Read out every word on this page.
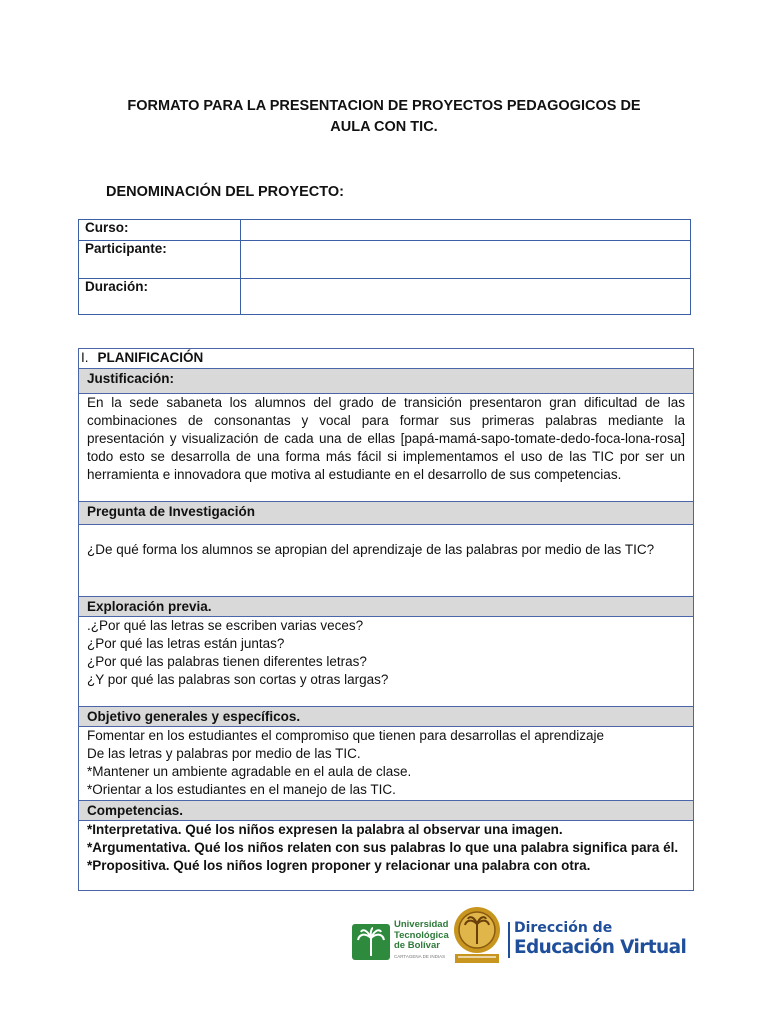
FORMATO PARA LA PRESENTACION DE PROYECTOS PEDAGOGICOS DE
AULA CON TIC.
DENOMINACIÓN DEL PROYECTO:
Curso:	
Participante:	
Duración:	
I. PLANIFICACIÓN
Justificación:
En la sede sabaneta los alumnos del grado de transición presentaron gran dificultad de las combinaciones de consonantas y vocal para formar sus primeras palabras mediante la presentación y visualización de cada una de ellas [papá-mamá-sapo-tomate-dedo-foca-lona-rosa] todo esto se desarrolla de una forma más fácil si implementamos el uso de las TIC por ser un herramienta e innovadora que motiva al estudiante en el desarrollo de sus competencias.
Pregunta de Investigación
¿De qué forma los alumnos se apropian del aprendizaje de las palabras por medio de las TIC?
Exploración previa.

.¿Por qué las letras se escriben varias veces?

¿Por qué las letras están juntas?

¿Por qué las palabras tienen diferentes letras?

¿Y por qué las palabras son cortas y otras largas?

Objetivo generales y específicos.

Fomentar en los estudiantes el compromiso que tienen para desarrollas el aprendizaje

De las letras y palabras por medio de las TIC.

*Mantener un ambiente agradable en el aula de clase.

*Orientar a los estudiantes en el manejo de las TIC.

Competencias.

*Interpretativa. Qué los niños expresen la palabra al observar una imagen.

*Argumentativa. Qué los niños relaten con sus palabras lo que una palabra significa para él.

*Propositiva. Qué los niños logren proponer y relacionar una palabra con otra.

Universidad
Tecnológica
de Bolívar
CARTAGENA DE INDIAS
Dirección de
Educación Virtual
